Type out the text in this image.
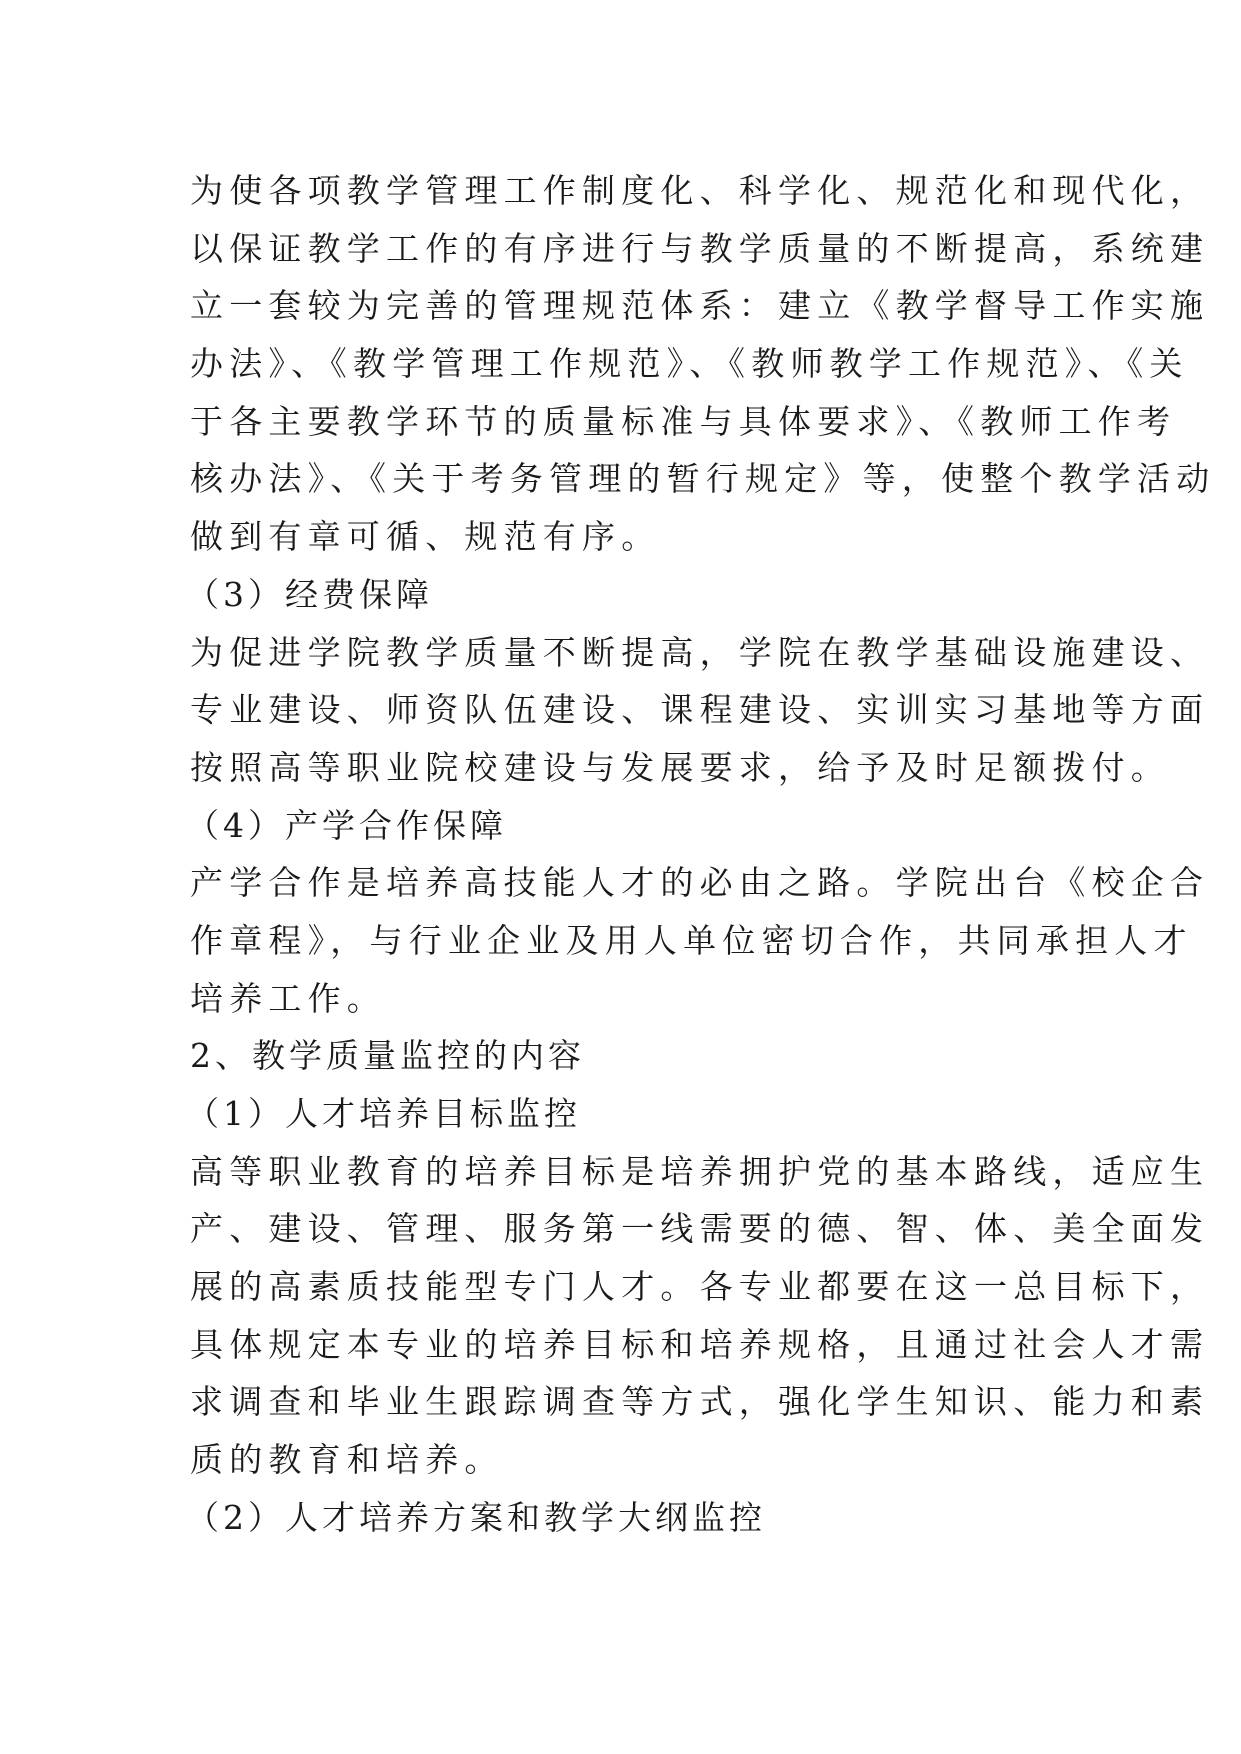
为使各项教学管理工作制度化、科学化、规范化和现代化，
以保证教学工作的有序进行与教学质量的不断提高，系统建
立一套较为完善的管理规范体系：建立《教学督导工作实施
办法》、《教学管理工作规范》、《教师教学工作规范》、《关
于各主要教学环节的质量标准与具体要求》、《教师工作考
核办法》、《关于考务管理的暂行规定》等，使整个教学活动
做到有章可循、规范有序。
（3）经费保障
为促进学院教学质量不断提高，学院在教学基础设施建设、
专业建设、师资队伍建设、课程建设、实训实习基地等方面
按照高等职业院校建设与发展要求，给予及时足额拨付。
（4）产学合作保障
产学合作是培养高技能人才的必由之路。学院出台《校企合
作章程》，与行业企业及用人单位密切合作，共同承担人才
培养工作。
2、教学质量监控的内容
（1）人才培养目标监控
高等职业教育的培养目标是培养拥护党的基本路线，适应生
产、建设、管理、服务第一线需要的德、智、体、美全面发
展的高素质技能型专门人才。各专业都要在这一总目标下，
具体规定本专业的培养目标和培养规格，且通过社会人才需
求调查和毕业生跟踪调查等方式，强化学生知识、能力和素
质的教育和培养。
（2）人才培养方案和教学大纲监控
